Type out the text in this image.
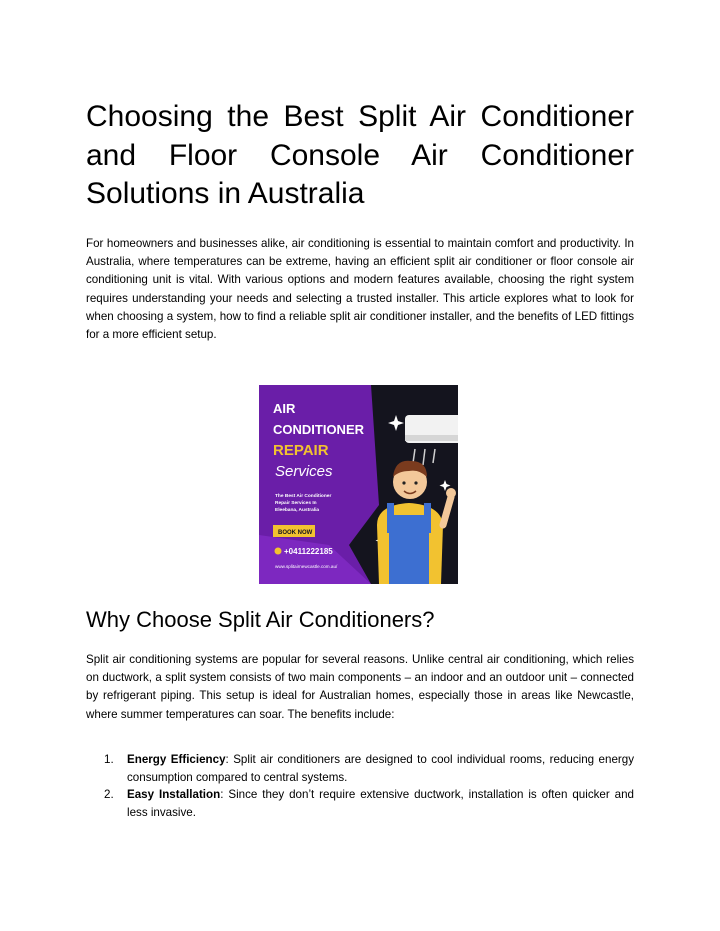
Choosing the Best Split Air Conditioner and Floor Console Air Conditioner Solutions in Australia

For homeowners and businesses alike, air conditioning is essential to maintain comfort and productivity. In Australia, where temperatures can be extreme, having an efficient split air conditioner or floor console air conditioning unit is vital. With various options and modern features available, choosing the right system requires understanding your needs and selecting a trusted installer. This article explores what to look for when choosing a system, how to find a reliable split air conditioner installer, and the benefits of LED fittings for a more efficient setup.

AIR
CONDITIONER
REPAIR
Services
The Best Air Conditioner
Repair Services In
Eleebana, Australia
BOOK NOW
+0411222185
www.splitairnewcastle.com.au/
Why Choose Split Air Conditioners?

Split air conditioning systems are popular for several reasons. Unlike central air conditioning, which relies on ductwork, a split system consists of two main components – an indoor and an outdoor unit – connected by refrigerant piping. This setup is ideal for Australian homes, especially those in areas like Newcastle, where summer temperatures can soar. The benefits include:

1. Energy Efficiency: Split air conditioners are designed to cool individual rooms, reducing energy consumption compared to central systems.
2. Easy Installation: Since they don’t require extensive ductwork, installation is often quicker and less invasive.
